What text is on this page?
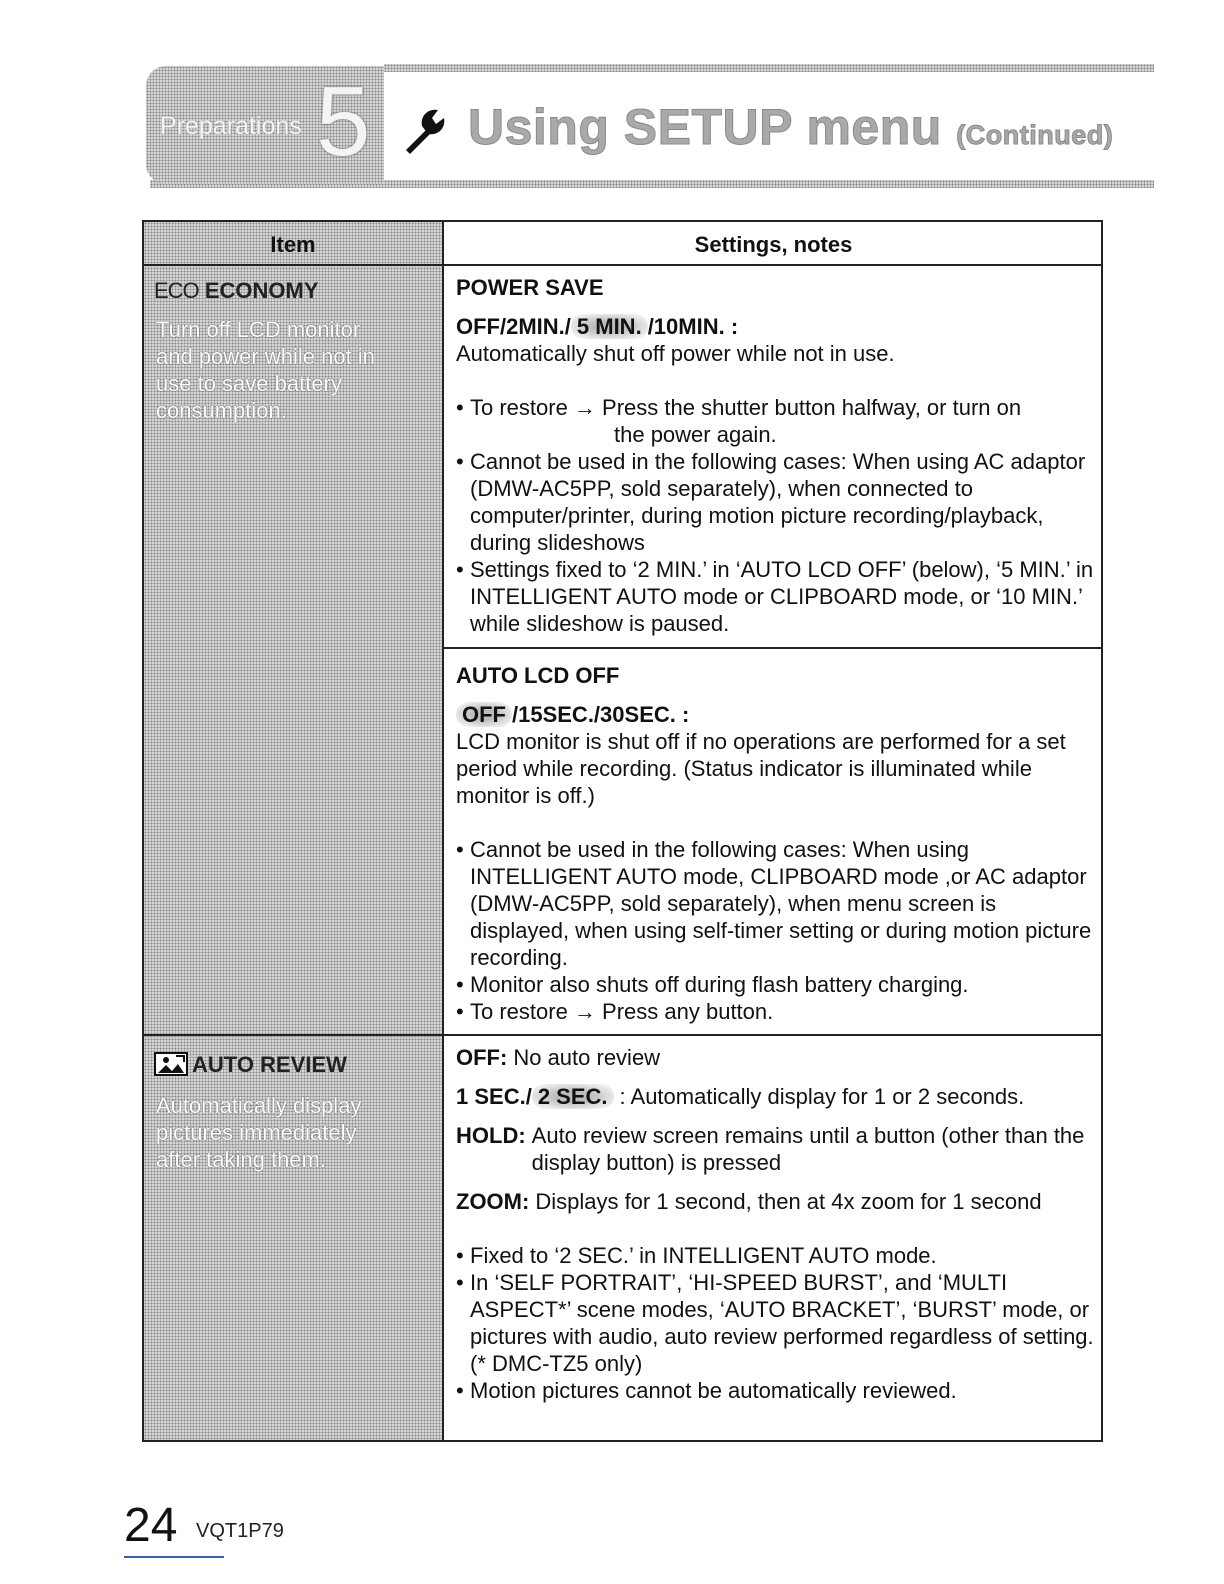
Preparations 5 Using SETUP menu (Continued)
Item	Settings, notes
ECO ECONOMY
Turn off LCD monitor and power while not in use to save battery consumption.

POWER SAVE

OFF/2MIN./ 5 MIN. /10MIN. :

Automatically shut off power while not in use.

• To restore → Press the shutter button halfway, or turn on

the power again.

• Cannot be used in the following cases: When using AC adaptor (DMW-AC5PP, sold separately), when connected to computer/printer, during motion picture recording/playback, during slideshows

• Settings fixed to ‘2 MIN.’ in ‘AUTO LCD OFF’ (below), ‘5 MIN.’ in INTELLIGENT AUTO mode or CLIPBOARD mode, or ‘10 MIN.’ while slideshow is paused.

AUTO LCD OFF

OFF /15SEC./30SEC. :

LCD monitor is shut off if no operations are performed for a set period while recording. (Status indicator is illuminated while monitor is off.)

• Cannot be used in the following cases: When using INTELLIGENT AUTO mode, CLIPBOARD mode ,or AC adaptor (DMW-AC5PP, sold separately), when menu screen is displayed, when using self-timer setting or during motion picture recording.

• Monitor also shuts off during flash battery charging.

• To restore → Press any button.

AUTO REVIEW
Automatically display pictures immediately after taking them.

OFF: No auto review

1 SEC./ 2 SEC. : Automatically display for 1 or 2 seconds.

HOLD: Auto review screen remains until a button (other than the display button) is pressed

ZOOM: Displays for 1 second, then at 4x zoom for 1 second

• Fixed to ‘2 SEC.’ in INTELLIGENT AUTO mode.

• In ‘SELF PORTRAIT’, ‘HI-SPEED BURST’, and ‘MULTI ASPECT*’ scene modes, ‘AUTO BRACKET’, ‘BURST’ mode, or pictures with audio, auto review performed regardless of setting. (* DMC-TZ5 only)

• Motion pictures cannot be automatically reviewed.

24 VQT1P79
